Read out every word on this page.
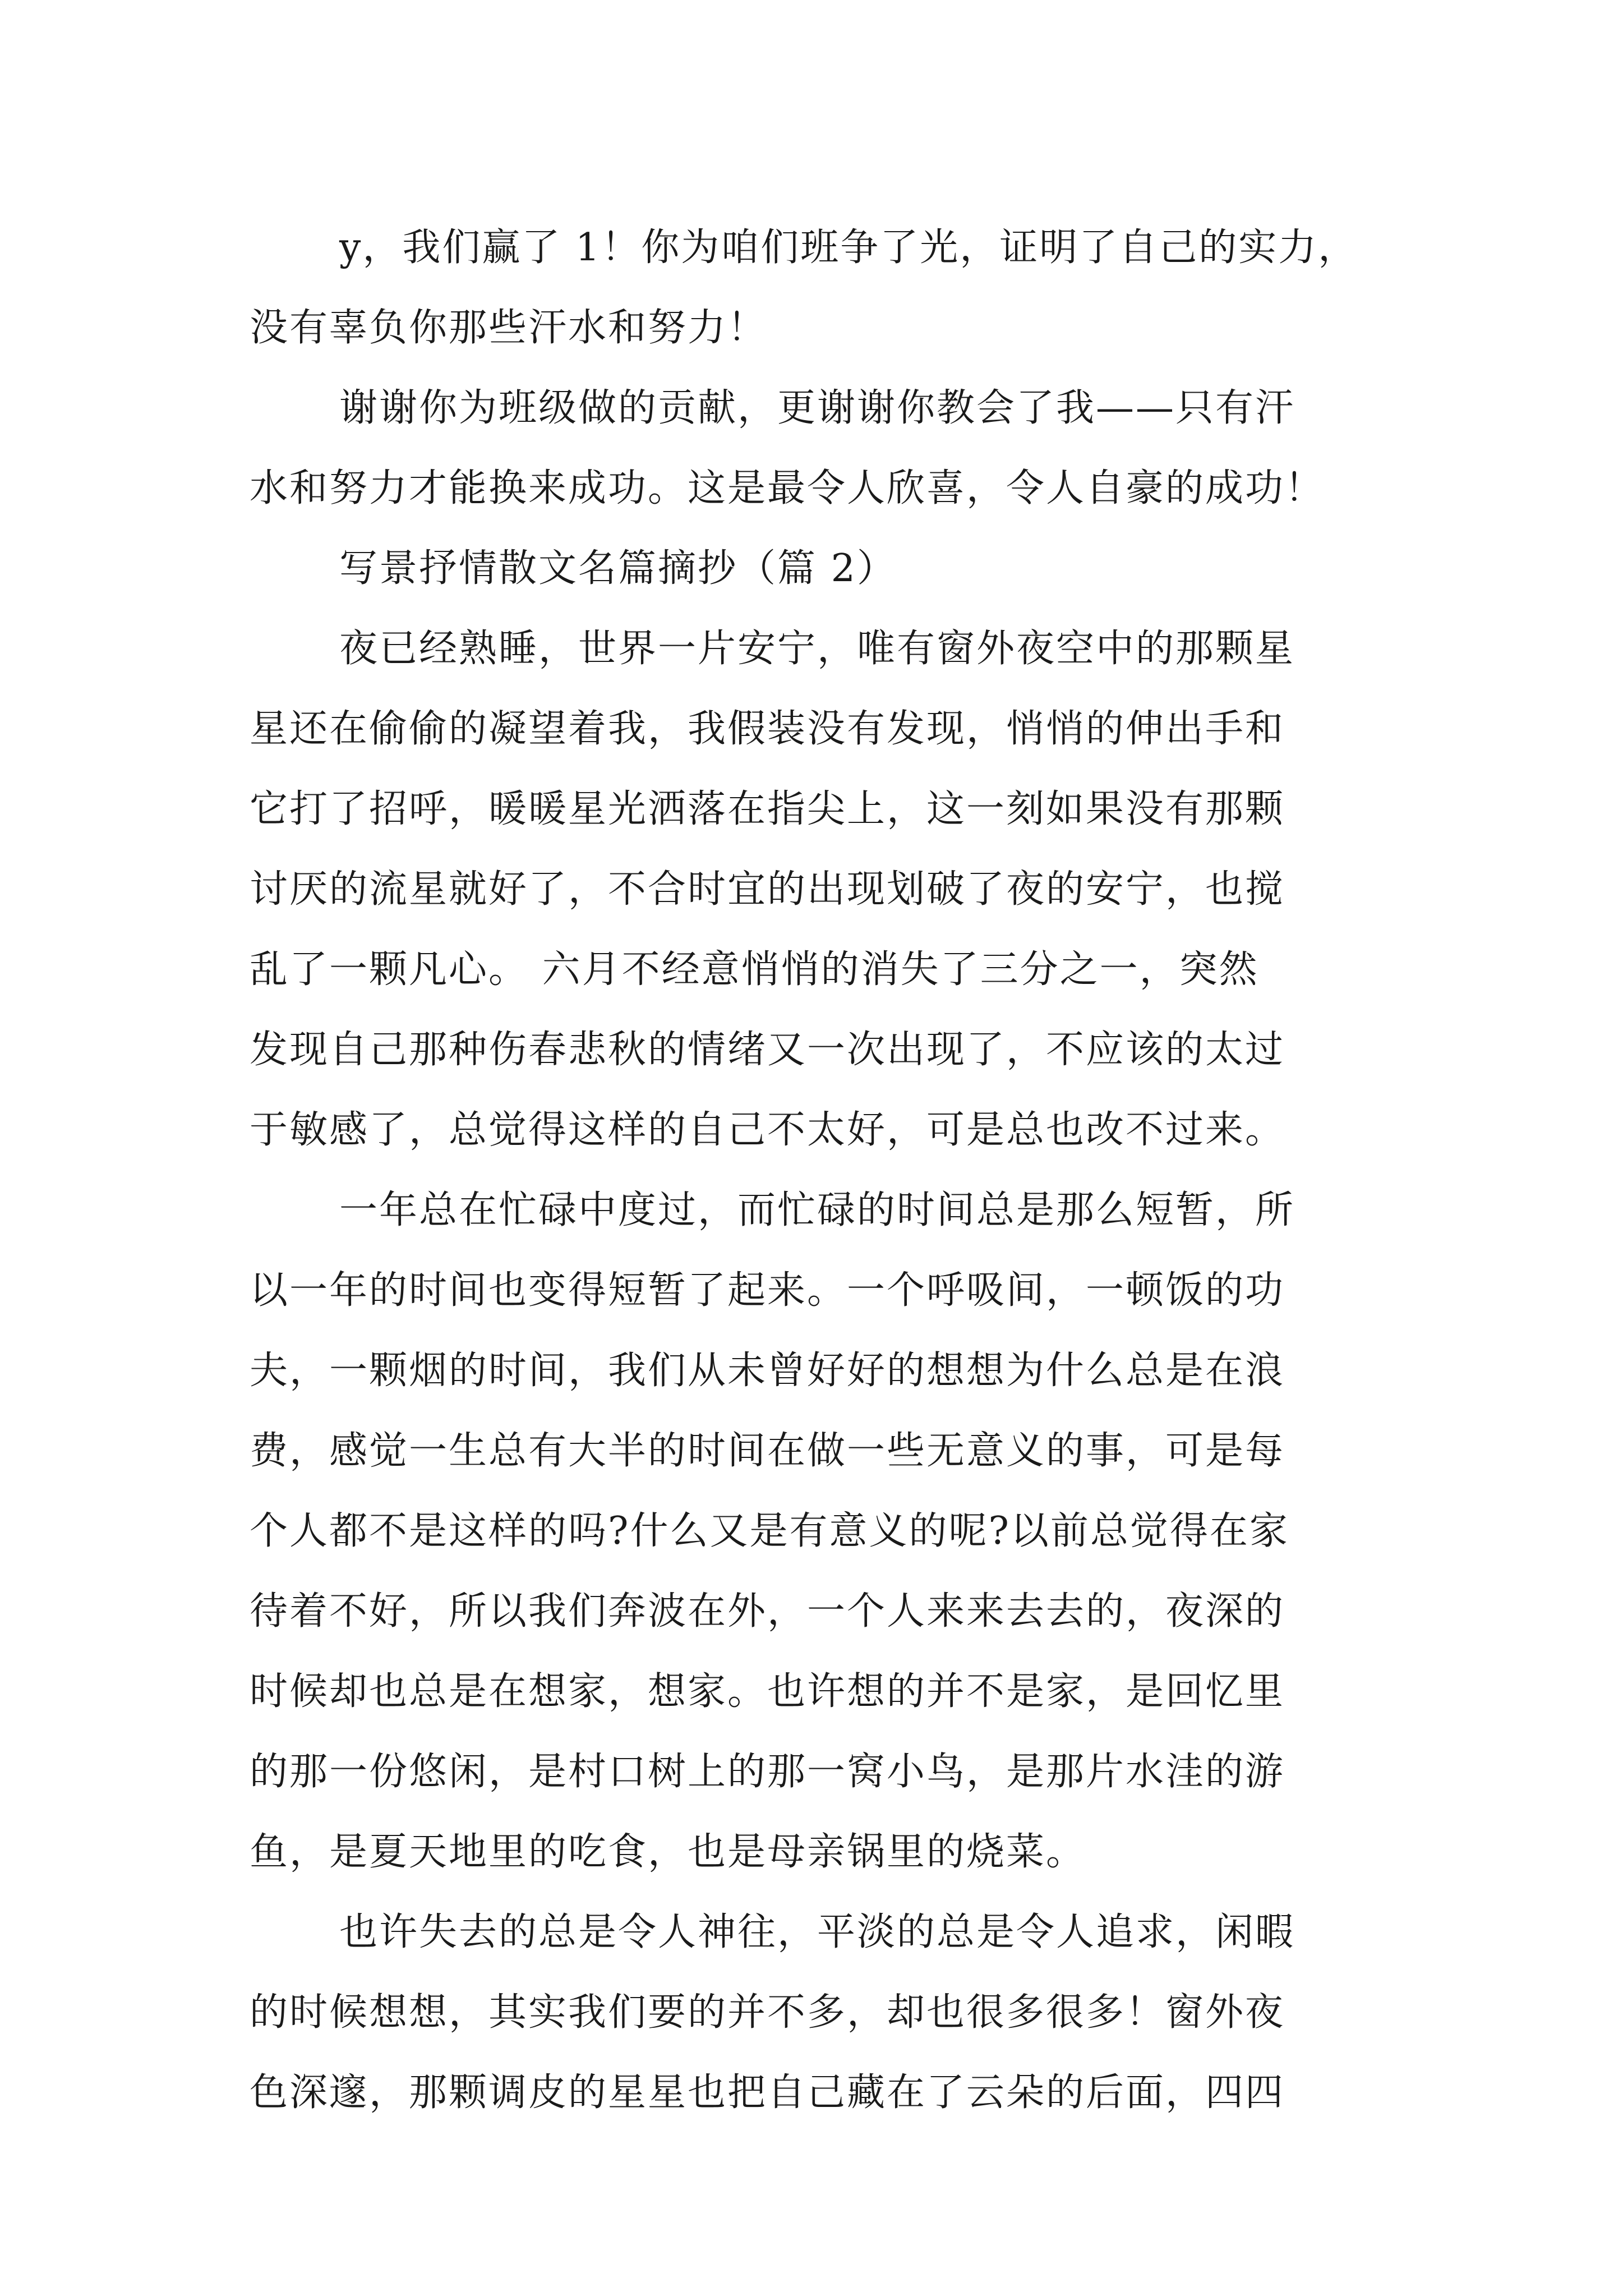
y，我们赢了 1！你为咱们班争了光，证明了自己的实力，
没有辜负你那些汗水和努力！
谢谢你为班级做的贡献，更谢谢你教会了我——只有汗
水和努力才能换来成功。这是最令人欣喜，令人自豪的成功！
写景抒情散文名篇摘抄（篇 2）
夜已经熟睡，世界一片安宁，唯有窗外夜空中的那颗星
星还在偷偷的凝望着我，我假装没有发现，悄悄的伸出手和
它打了招呼，暖暖星光洒落在指尖上，这一刻如果没有那颗
讨厌的流星就好了，不合时宜的出现划破了夜的安宁，也搅
乱了一颗凡心。 六月不经意悄悄的消失了三分之一，突然
发现自己那种伤春悲秋的情绪又一次出现了，不应该的太过
于敏感了，总觉得这样的自己不太好，可是总也改不过来。
一年总在忙碌中度过，而忙碌的时间总是那么短暂，所
以一年的时间也变得短暂了起来。一个呼吸间，一顿饭的功
夫，一颗烟的时间，我们从未曾好好的想想为什么总是在浪
费，感觉一生总有大半的时间在做一些无意义的事，可是每
个人都不是这样的吗?什么又是有意义的呢?以前总觉得在家
待着不好，所以我们奔波在外，一个人来来去去的，夜深的
时候却也总是在想家，想家。也许想的并不是家，是回忆里
的那一份悠闲，是村口树上的那一窝小鸟，是那片水洼的游
鱼，是夏天地里的吃食，也是母亲锅里的烧菜。
也许失去的总是令人神往，平淡的总是令人追求，闲暇
的时候想想，其实我们要的并不多，却也很多很多！窗外夜
色深邃，那颗调皮的星星也把自己藏在了云朵的后面，四四
